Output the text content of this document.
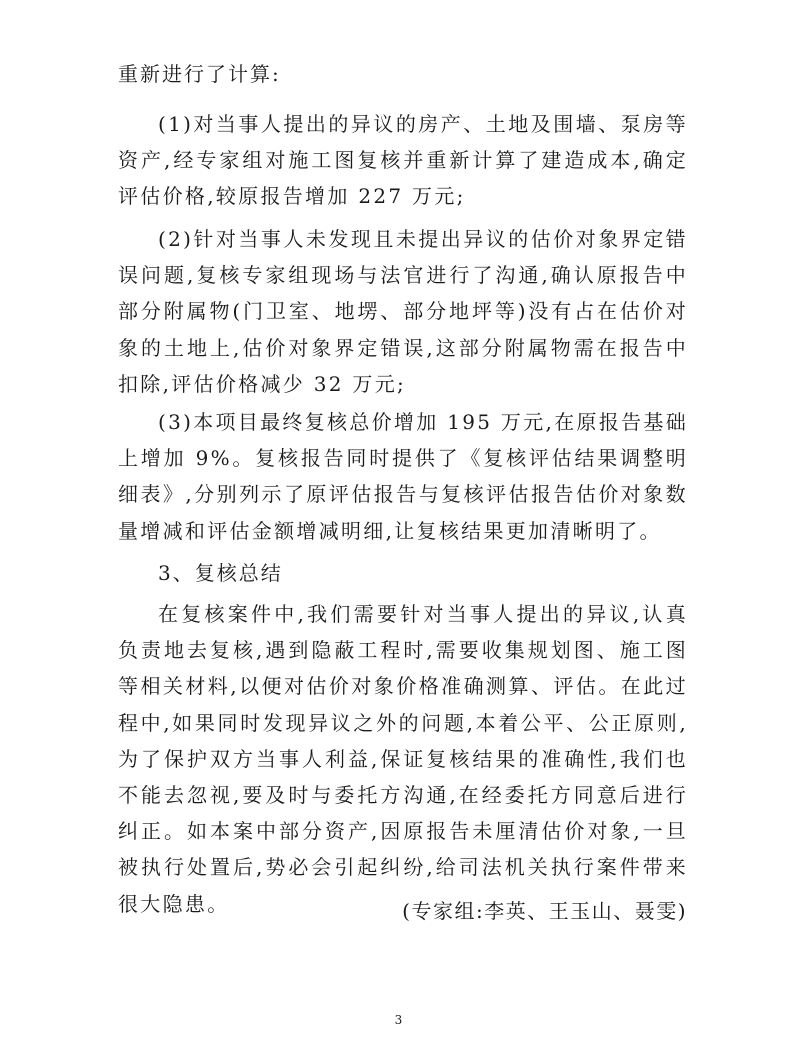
重新进行了计算:

(1)对当事人提出的异议的房产、土地及围墙、泵房等资产,经专家组对施工图复核并重新计算了建造成本,确定评估价格,较原报告增加 227 万元;

(2)针对当事人未发现且未提出异议的估价对象界定错误问题,复核专家组现场与法官进行了沟通,确认原报告中部分附属物(门卫室、地塄、部分地坪等)没有占在估价对象的土地上,估价对象界定错误,这部分附属物需在报告中扣除,评估价格减少 32 万元;

(3)本项目最终复核总价增加 195 万元,在原报告基础上增加 9%。复核报告同时提供了《复核评估结果调整明细表》,分别列示了原评估报告与复核评估报告估价对象数量增减和评估金额增减明细,让复核结果更加清晰明了。

3、复核总结

在复核案件中,我们需要针对当事人提出的异议,认真负责地去复核,遇到隐蔽工程时,需要收集规划图、施工图等相关材料,以便对估价对象价格准确测算、评估。在此过程中,如果同时发现异议之外的问题,本着公平、公正原则,为了保护双方当事人利益,保证复核结果的准确性,我们也不能去忽视,要及时与委托方沟通,在经委托方同意后进行纠正。如本案中部分资产,因原报告未厘清估价对象,一旦被执行处置后,势必会引起纠纷,给司法机关执行案件带来很大隐患。	(专家组:李英、王玉山、聂雯)
3
